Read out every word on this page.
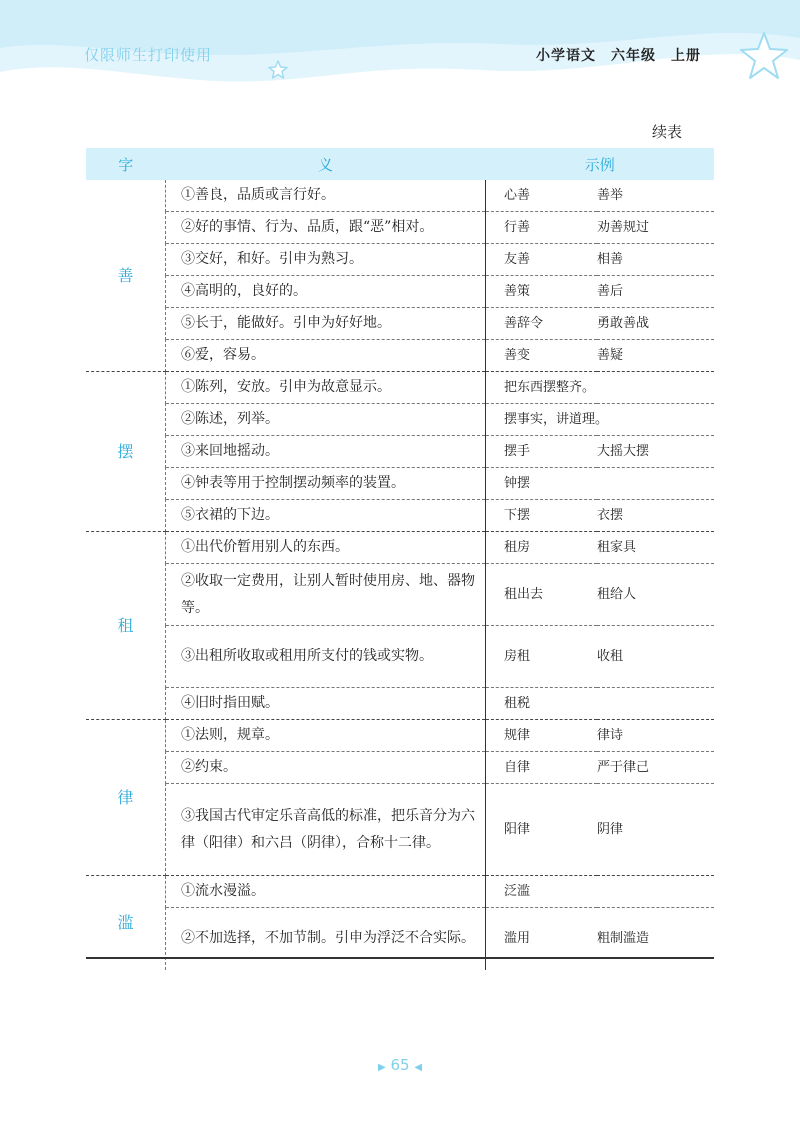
仅限师生打印使用	小学语文　六年级　上册
续表
字	义	示例	
善	①善良，品质或言行好。	心善	善举
	②好的事情、行为、品质，跟“恶”相对。	行善	劝善规过
	③交好，和好。引申为熟习。	友善	相善
	④高明的，良好的。	善策	善后
	⑤长于，能做好。引申为好好地。	善辞令	勇敢善战
	⑥爱，容易。	善变	善疑
摆	①陈列，安放。引申为故意显示。	把东西摆整齐。	
	②陈述，列举。	摆事实，讲道理。	
	③来回地摇动。	摆手	大摇大摆
	④钟表等用于控制摆动频率的装置。	钟摆	
	⑤衣裙的下边。	下摆	衣摆
租	①出代价暂用别人的东西。	租房	租家具
	②收取一定费用，让别人暂时使用房、地、器物等。	租出去	租给人
	③出租所收取或租用所支付的钱或实物。	房租	收租
	④旧时指田赋。	租税	
律	①法则，规章。	规律	律诗
	②约束。	自律	严于律己
	③我国古代审定乐音高低的标准，把乐音分为六律（阳律）和六吕（阴律），合称十二律。	阳律	阴律
滥	①流水漫溢。	泛滥	
	②不加选择，不加节制。引申为浮泛不合实际。	滥用	粗制滥造
▶ 65 ◀
